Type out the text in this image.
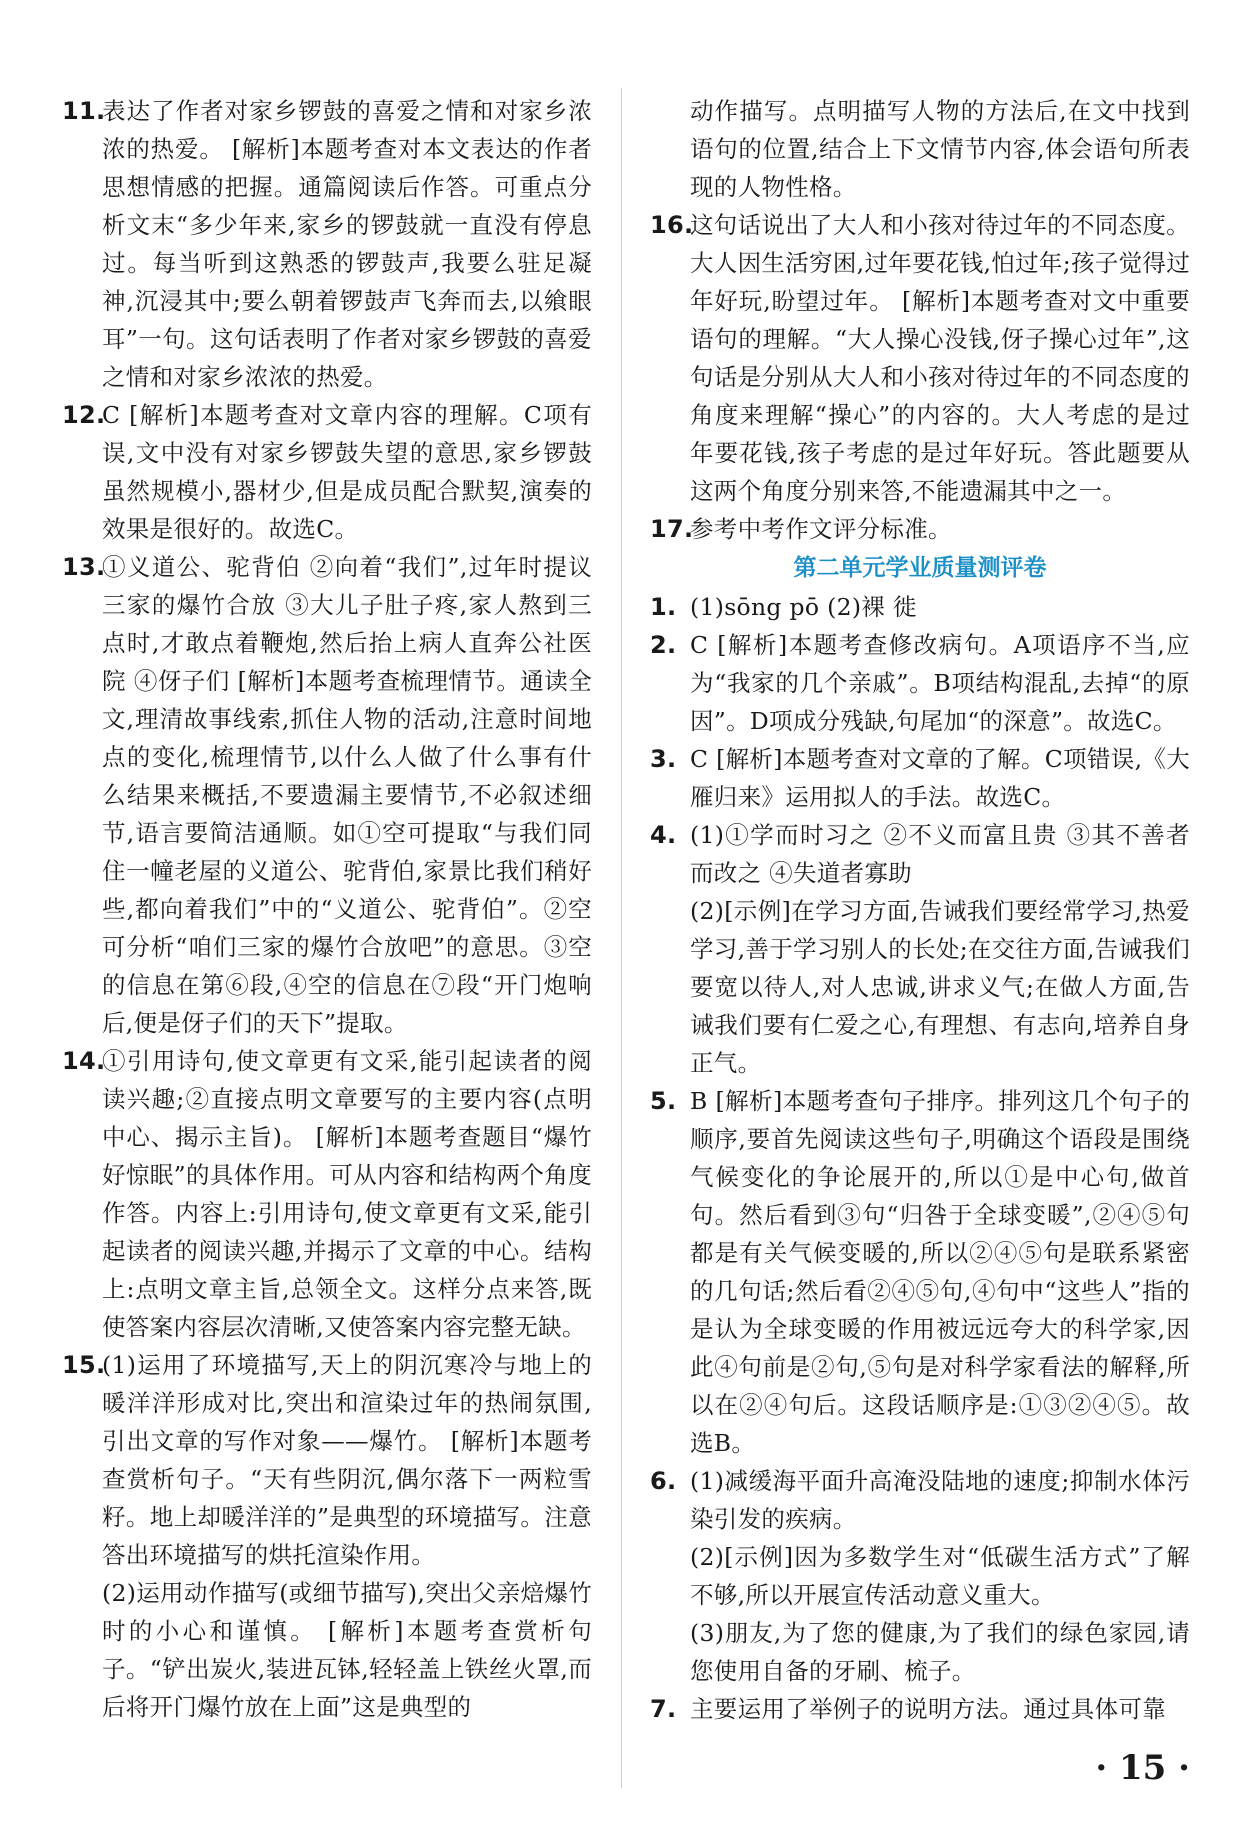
11.

表达了作者对家乡锣鼓的喜爱之情和对家乡浓浓的热爱。 [解析]本题考查对本文表达的作者思想情感的把握。通篇阅读后作答。可重点分析文末“多少年来,家乡的锣鼓就一直没有停息过。每当听到这熟悉的锣鼓声,我要么驻足凝神,沉浸其中;要么朝着锣鼓声飞奔而去,以飨眼耳”一句。这句话表明了作者对家乡锣鼓的喜爱之情和对家乡浓浓的热爱。

12.

C [解析]本题考查对文章内容的理解。C项有误,文中没有对家乡锣鼓失望的意思,家乡锣鼓虽然规模小,器材少,但是成员配合默契,演奏的效果是很好的。故选C。

13.

①义道公、驼背伯 ②向着“我们”,过年时提议三家的爆竹合放 ③大儿子肚子疼,家人熬到三点时,才敢点着鞭炮,然后抬上病人直奔公社医院 ④伢子们 [解析]本题考查梳理情节。通读全文,理清故事线索,抓住人物的活动,注意时间地点的变化,梳理情节,以什么人做了什么事有什么结果来概括,不要遗漏主要情节,不必叙述细节,语言要简洁通顺。如①空可提取“与我们同住一幢老屋的义道公、驼背伯,家景比我们稍好些,都向着我们”中的“义道公、驼背伯”。②空可分析“咱们三家的爆竹合放吧”的意思。③空的信息在第⑥段,④空的信息在⑦段“开门炮响后,便是伢子们的天下”提取。

14.

①引用诗句,使文章更有文采,能引起读者的阅读兴趣;②直接点明文章要写的主要内容(点明中心、揭示主旨)。 [解析]本题考查题目“爆竹好惊眠”的具体作用。可从内容和结构两个角度作答。内容上:引用诗句,使文章更有文采,能引起读者的阅读兴趣,并揭示了文章的中心。结构上:点明文章主旨,总领全文。这样分点来答,既使答案内容层次清晰,又使答案内容完整无缺。

15.

(1)运用了环境描写,天上的阴沉寒冷与地上的暖洋洋形成对比,突出和渲染过年的热闹氛围,引出文章的写作对象——爆竹。 [解析]本题考查赏析句子。“天有些阴沉,偶尔落下一两粒雪籽。地上却暖洋洋的”是典型的环境描写。注意答出环境描写的烘托渲染作用。

(2)运用动作描写(或细节描写),突出父亲焙爆竹时的小心和谨慎。 [解析]本题考查赏析句子。“铲出炭火,装进瓦钵,轻轻盖上铁丝火罩,而后将开门爆竹放在上面”这是典型的

动作描写。点明描写人物的方法后,在文中找到语句的位置,结合上下文情节内容,体会语句所表现的人物性格。

16.

这句话说出了大人和小孩对待过年的不同态度。大人因生活穷困,过年要花钱,怕过年;孩子觉得过年好玩,盼望过年。 [解析]本题考查对文中重要语句的理解。“大人操心没钱,伢子操心过年”,这句话是分别从大人和小孩对待过年的不同态度的角度来理解“操心”的内容的。大人考虑的是过年要花钱,孩子考虑的是过年好玩。答此题要从这两个角度分别来答,不能遗漏其中之一。

17.

参考中考作文评分标准。

第二单元学业质量测评卷

1. (1)sōng pō (2)裸 徙

2. C [解析]本题考查修改病句。A项语序不当,应为“我家的几个亲戚”。B项结构混乱,去掉“的原因”。D项成分残缺,句尾加“的深意”。故选C。

3. C [解析]本题考查对文章的了解。C项错误,《大雁归来》运用拟人的手法。故选C。

4. (1)①学而时习之 ②不义而富且贵 ③其不善者而改之 ④失道者寡助

(2)[示例]在学习方面,告诫我们要经常学习,热爱学习,善于学习别人的长处;在交往方面,告诫我们要宽以待人,对人忠诚,讲求义气;在做人方面,告诫我们要有仁爱之心,有理想、有志向,培养自身正气。

5. B [解析]本题考查句子排序。排列这几个句子的顺序,要首先阅读这些句子,明确这个语段是围绕气候变化的争论展开的,所以①是中心句,做首句。然后看到③句“归咎于全球变暖”,②④⑤句都是有关气候变暖的,所以②④⑤句是联系紧密的几句话;然后看②④⑤句,④句中“这些人”指的是认为全球变暖的作用被远远夸大的科学家,因此④句前是②句,⑤句是对科学家看法的解释,所以在②④句后。这段话顺序是:①③②④⑤。故选B。

6. (1)减缓海平面升高淹没陆地的速度;抑制水体污染引发的疾病。

(2)[示例]因为多数学生对“低碳生活方式”了解不够,所以开展宣传活动意义重大。

(3)朋友,为了您的健康,为了我们的绿色家园,请您使用自备的牙刷、梳子。

7. 主要运用了举例子的说明方法。通过具体可靠

· 15 ·
